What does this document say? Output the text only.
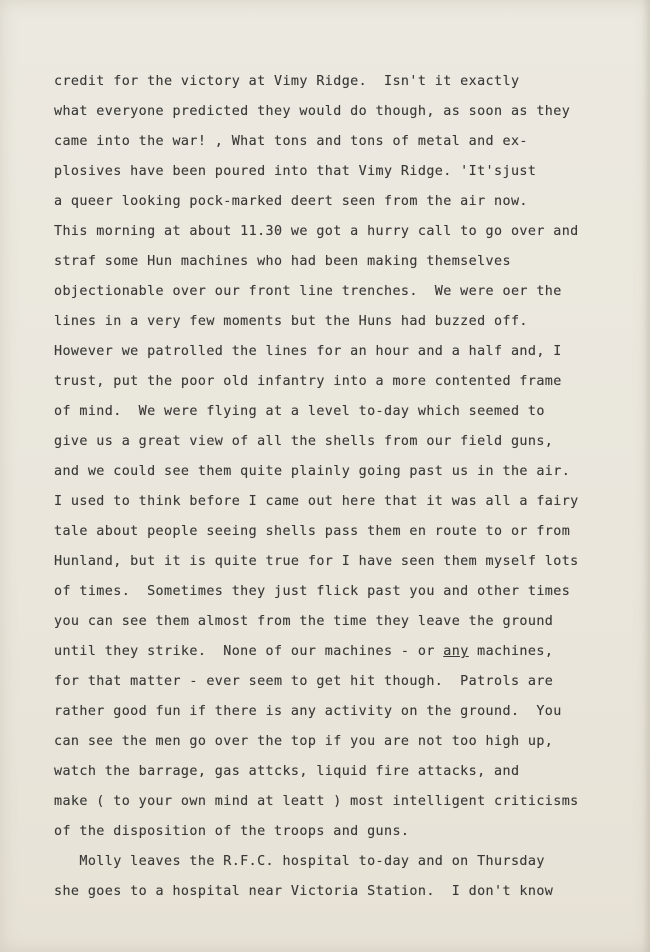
credit for the victory at Vimy Ridge.  Isn't it exactly
what everyone predicted they would do though, as soon as they
came into the war! , What tons and tons of metal and ex-
plosives have been poured into that Vimy Ridge. 'It'sjust
a queer looking pock-marked deert seen from the air now.
This morning at about 11.30 we got a hurry call to go over and
straf some Hun machines who had been making themselves
objectionable over our front line trenches.  We were oer the
lines in a very few moments but the Huns had buzzed off.
However we patrolled the lines for an hour and a half and, I
trust, put the poor old infantry into a more contented frame
of mind.  We were flying at a level to-day which seemed to
give us a great view of all the shells from our field guns,
and we could see them quite plainly going past us in the air.
I used to think before I came out here that it was all a fairy
tale about people seeing shells pass them en route to or from
Hunland, but it is quite true for I have seen them myself lots
of times.  Sometimes they just flick past you and other times
you can see them almost from the time they leave the ground
until they strike.  None of our machines - or any machines,
for that matter - ever seem to get hit though.  Patrols are
rather good fun if there is any activity on the ground.  You
can see the men go over the top if you are not too high up,
watch the barrage, gas attcks, liquid fire attacks, and
make ( to your own mind at leatt ) most intelligent criticisms
of the disposition of the troops and guns.
Molly leaves the R.F.C. hospital to-day and on Thursday
she goes to a hospital near Victoria Station.  I don't know
